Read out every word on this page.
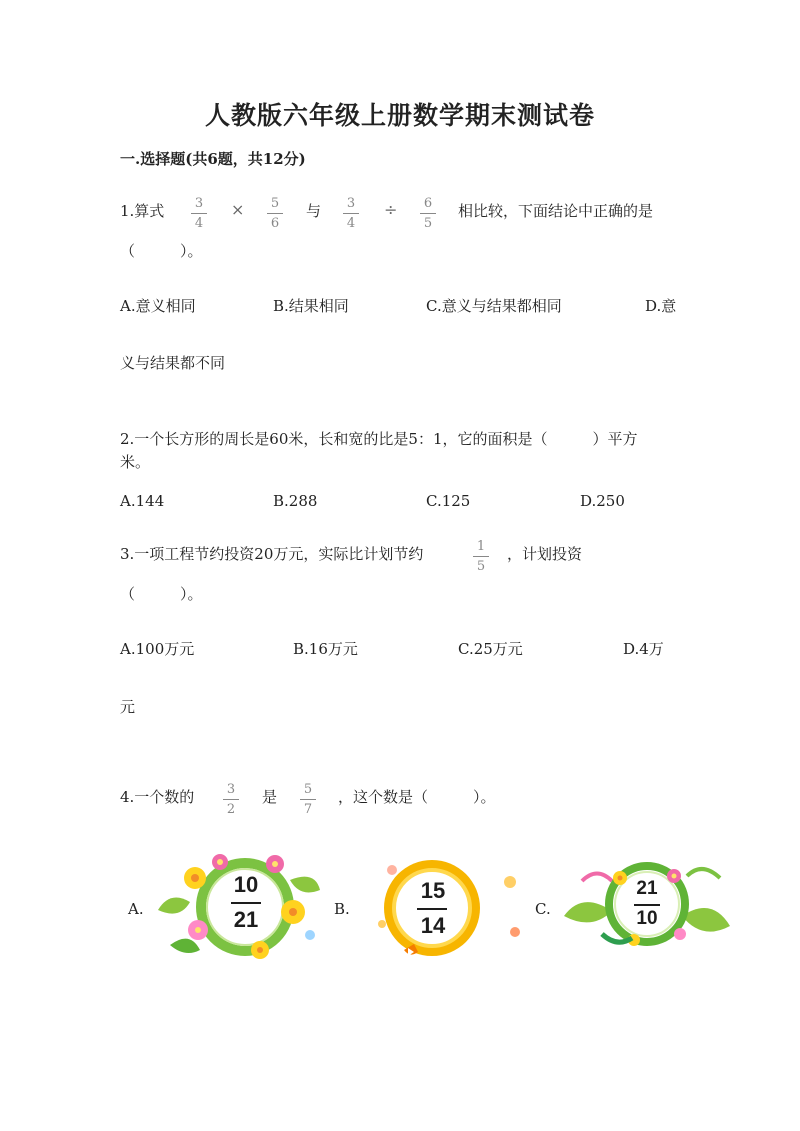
人教版六年级上册数学期末测试卷
一.选择题(共6题，共12分)
1.算式	3
4
×	5
6
与	3
4
÷	6
5
相比较，下面结论中正确的是
（　　　）。
A.意义相同	B.结果相同	C.意义与结果都相同	D.意
义与结果都不同
2.一个长方形的周长是60米，长和宽的比是5：1，它的面积是（　　　）平方
米。
A.144	B.288	C.125	D.250
3.一项工程节约投资20万元，实际比计划节约	1
5
，计划投资
（　　　）。
A.100万元	B.16万元	C.25万元	D.4万
元
4.一个数的	3
2
是	5
7
，这个数是（　　　）。
A.
10
21	B.
15
14
C.
21
10
